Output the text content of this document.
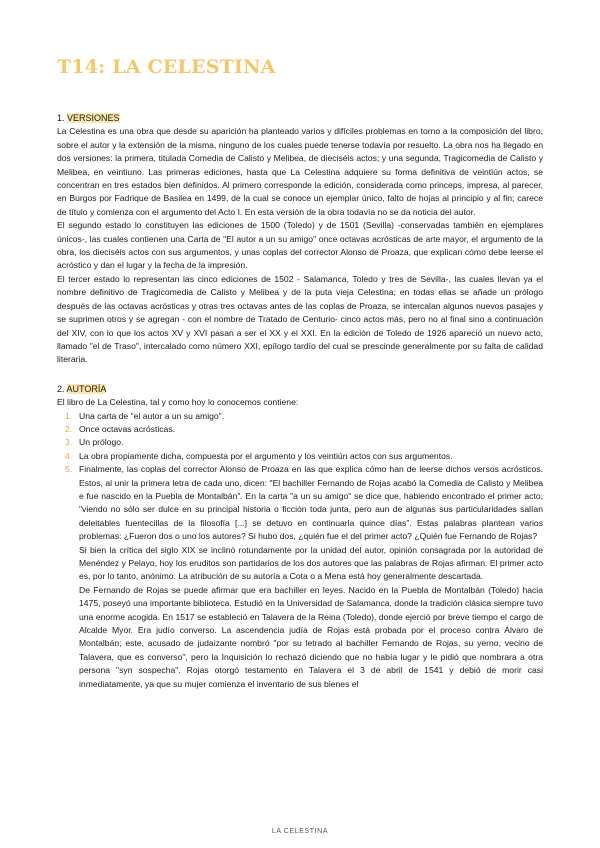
T14: LA CELESTINA
1. VERSIONES

La Celestina es una obra que desde su aparición ha planteado varios y difíciles problemas en torno a la composición del libro, sobre el autor y la extensión de la misma, ninguno de los cuales puede tenerse todavía por resuelto. La obra nos ha llegado en dos versiones: la primera, titulada Comedia de Calisto y Melibea, de dieciséis actos; y una segunda, Tragicomedia de Calisto y Melibea, en veintiuno. Las primeras ediciones, hasta que La Celestina adquiere su forma definitiva de veintiún actos, se concentran en tres estados bien definidos. Al primero corresponde la edición, considerada como princeps, impresa, al parecer, en Burgos por Fadrique de Basilea en 1499, de la cual se conoce un ejemplar único, falto de hojas al principio y al fin; carece de título y comienza con el argumento del Acto I. En esta versión de la obra todavía no se da noticia del autor.

El segundo estado lo constituyen las ediciones de 1500 (Toledo) y de 1501 (Sevilla) -conservadas también en ejemplares únicos-, las cuales contienen una Carta de "El autor a un su amigo" once octavas acrósticas de arte mayor, el argumento de la obra, los dieciséis actos con sus argumentos, y unas coplas del corrector Alonso de Proaza, que explican cómo debe leerse el acróstico y dan el lugar y la fecha de la impresión.

El tercer estado lo representan las cinco ediciones de 1502 - Salamanca, Toledo y tres de Sevilla-, las cuales llevan ya el nombre definitivo de Tragicomedia de Calisto y Melibea y de la puta vieja Celestina; en todas ellas se añade un prólogo después de las octavas acrósticas y otras tres octavas antes de las coplas de Proaza, se intercalan algunos nuevos pasajes y se suprimen otros y se agregan - con el nombre de Tratado de Centurio- cinco actos más, pero no al final sino a continuación del XIV, con lo que los actos XV y XVI pasan a ser el XX y el XXI. En la edición de Toledo de 1926 apareció un nuevo acto, llamado "el de Traso", intercalado como número XXI, epílogo tardío del cual se prescinde generalmente por su falta de calidad literaria.

2. AUTORÍA

El libro de La Celestina, tal y como hoy lo conocemos contiene:

1. Una carta de "el autor a un su amigo".
2. Once octavas acrósticas.
3. Un prólogo.
4. La obra propiamente dicha, compuesta por el argumento y los veintiún actos con sus argumentos.
5. Finalmente, las coplas del corrector Alonso de Proaza en las que explica cómo han de leerse dichos versos acrósticos. Estos, al unir la primera letra de cada uno, dicen: "El bachiller Fernando de Rojas acabó la Comedia de Calisto y Melibea e fue nascido en la Puebla de Montalbán". En la carta "a un su amigo" se dice que, habiendo encontrado el primer acto, "viendo no sólo ser dulce en su principal historia o ficción toda junta, pero aun de algunas sus particularidades salían deleitables fuentecillas de la filosofía [...] se detuvo en continuarla quince días". Estas palabras plantean varios problemas: ¿Fueron dos o uno los autores? Si hubo dos, ¿quién fue el del primer acto? ¿Quién fue Fernando de Rojas?

Si bien la crítica del siglo XIX se inclinó rotundamente por la unidad del autor, opinión consagrada por la autoridad de Menéndez y Pelayo, hoy los eruditos son partidarios de los dos autores que las palabras de Rojas afirman. El primer acto es, por lo tanto, anónimo. La atribución de su autoría a Cota o a Mena está hoy generalmente descartada.

De Fernando de Rojas se puede afirmar que era bachiller en leyes. Nacido en la Puebla de Montalbán (Toledo) hacia 1475, poseyó una importante biblioteca. Estudió en la Universidad de Salamanca, donde la tradición clásica siempre tuvo una enorme acogida. En 1517 se estableció en Talavera de la Reina (Toledo), donde ejerció por breve tiempo el cargo de Alcalde Myor. Era judío converso. La ascendencia judía de Rojas está probada por el proceso contra Álvaro de Montalbán; este, acusado de judaizante nombró "por su letrado al bachiller Fernando de Rojas, su yerno, vecino de Talavera, que es converso", pero la Inquisición lo rechazó diciendo que no había lugar y le pidió que nombrara a otra persona "syn sospecha". Rojas otorgó testamento en Talavera el 3 de abril de 1541 y debió de morir casi inmediatamente, ya que su mujer comienza el inventario de sus bienes el

LA CELESTINA
